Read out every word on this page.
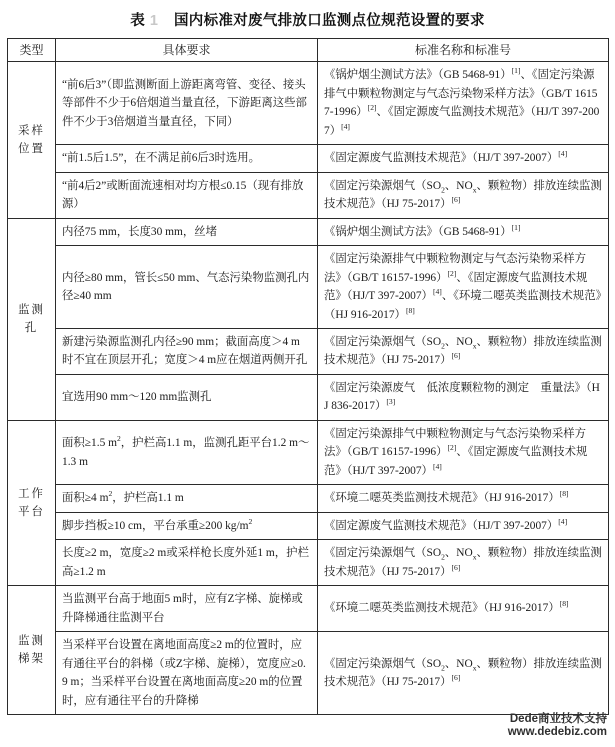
表 1 国内标准对废气排放口监测点位规范设置的要求
类型	具体要求	标准名称和标准号
采样位置	“前6后3”（即监测断面上游距离弯管、变径、接头等部件不少于6倍烟道当量直径，下游距离这些部件不少于3倍烟道当量直径，下同）	《锅炉烟尘测试方法》（GB 5468-91）[1]、《固定污染源排气中颗粒物测定与气态污染物采样方法》（GB/T 16157-1996）[2]、《固定源废气监测技术规范》（HJ/T 397-2007）[4]
	“前1.5后1.5”，在不满足前6后3时选用。	《固定源废气监测技术规范》（HJ/T 397-2007）[4]
	“前4后2”或断面流速相对均方根≤0.15（现有排放源）	《固定污染源烟气（$SO_2$、$NO_x$、颗粒物）排放连续监测技术规范》（HJ 75-2017）[6]
监测孔	内径75 mm，长度30 mm，丝堵	《锅炉烟尘测试方法》（GB 5468-91）[1]
	内径≥80 mm，管长≤50 mm、气态污染物监测孔内径≥40 mm	《固定污染源排气中颗粒物测定与气态污染物采样方法》（GB/T 16157-1996）[2]、《固定源废气监测技术规范》（HJ/T 397-2007）[4]、《环境二噁英类监测技术规范》（HJ 916-2017）[8]
	新建污染源监测孔内径≥90 mm；截面高度＞4 m时不宜在顶层开孔；宽度＞4 m应在烟道两侧开孔	《固定污染源烟气（$SO_2$、$NO_x$、颗粒物）排放连续监测技术规范》（HJ 75-2017）[6]
	宜选用90 mm～120 mm监测孔	《固定污染源废气　低浓度颗粒物的测定　重量法》（HJ 836-2017）[3]
工作平台	面积≥1.5 $m^2$，护栏高1.1 m，监测孔距平台1.2 m～1.3 m	《固定污染源排气中颗粒物测定与气态污染物采样方法》（GB/T 16157-1996）[2]、《固定源废气监测技术规范》（HJ/T 397-2007）[4]
	面积≥4 $m^2$，护栏高1.1 m	《环境二噁英类监测技术规范》（HJ 916-2017）[8]
	脚步挡板≥10 cm，平台承重≥200 $kg/m^2$	《固定源废气监测技术规范》（HJ/T 397-2007）[4]
	长度≥2 m，宽度≥2 m或采样枪长度外延1 m，护栏高≥1.2 m	《固定污染源烟气（$SO_2$、$NO_x$、颗粒物）排放连续监测技术规范》（HJ 75-2017）[6]
监测梯架	当监测平台高于地面5 m时，应有Z字梯、旋梯或升降梯通往监测平台	《环境二噁英类监测技术规范》（HJ 916-2017）[8]
	当采样平台设置在离地面高度≥2 m的位置时，应有通往平台的斜梯（或Z字梯、旋梯），宽度应≥0.9 m；当采样平台设置在离地面高度≥20 m的位置时，应有通往平台的升降梯	《固定污染源烟气（$SO_2$、$NO_x$、颗粒物）排放连续监测技术规范》（HJ 75-2017）[6]
Dede商业技术支持
www.dedebiz.com
